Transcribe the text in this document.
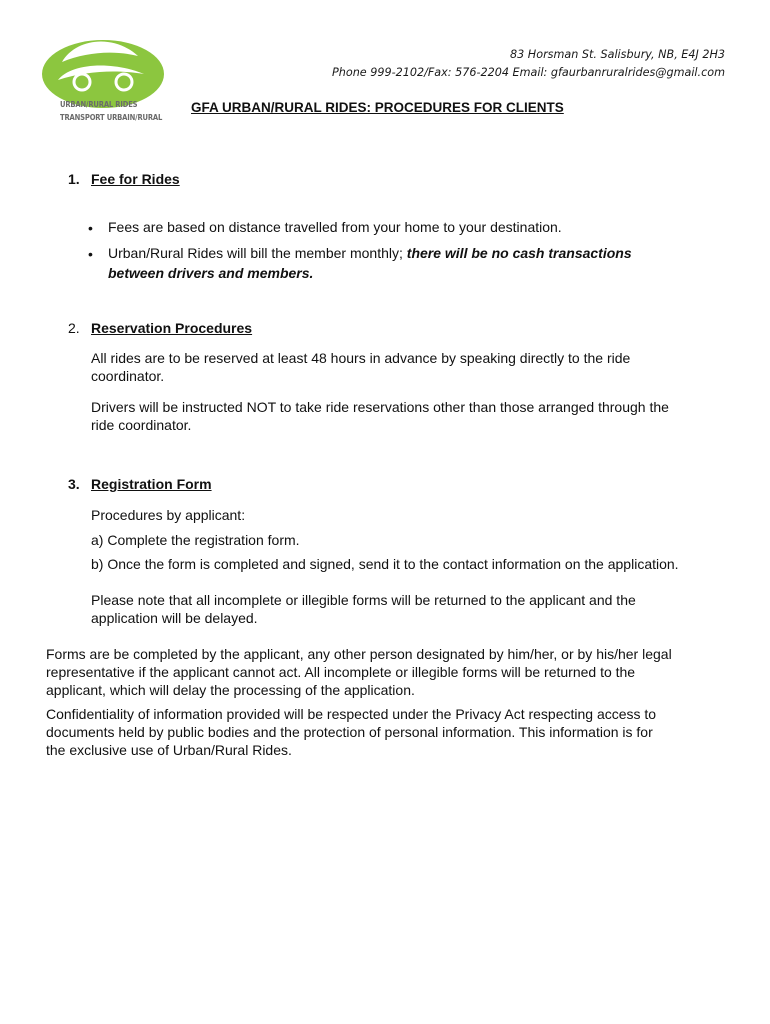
URBAN/RURAL RIDES
TRANSPORT URBAIN/RURAL
83 Horsman St. Salisbury, NB, E4J 2H3
Phone 999-2102/Fax: 576-2204 Email: gfaurbanruralrides@gmail.com
GFA URBAN/RURAL RIDES: PROCEDURES FOR CLIENTS
1. Fee for Rides
• Fees are based on distance travelled from your home to your destination.
• Urban/Rural Rides will bill the member monthly; there will be no cash transactions
between drivers and members.
2. Reservation Procedures
All rides are to be reserved at least 48 hours in advance by speaking directly to the ride
coordinator.
Drivers will be instructed NOT to take ride reservations other than those arranged through the
ride coordinator.
3. Registration Form
Procedures by applicant:
a) Complete the registration form.
b) Once the form is completed and signed, send it to the contact information on the application.
Please note that all incomplete or illegible forms will be returned to the applicant and the
application will be delayed.
Forms are be completed by the applicant, any other person designated by him/her, or by his/her legal
representative if the applicant cannot act. All incomplete or illegible forms will be returned to the
applicant, which will delay the processing of the application.
Confidentiality of information provided will be respected under the Privacy Act respecting access to
documents held by public bodies and the protection of personal information. This information is for
the exclusive use of Urban/Rural Rides.
